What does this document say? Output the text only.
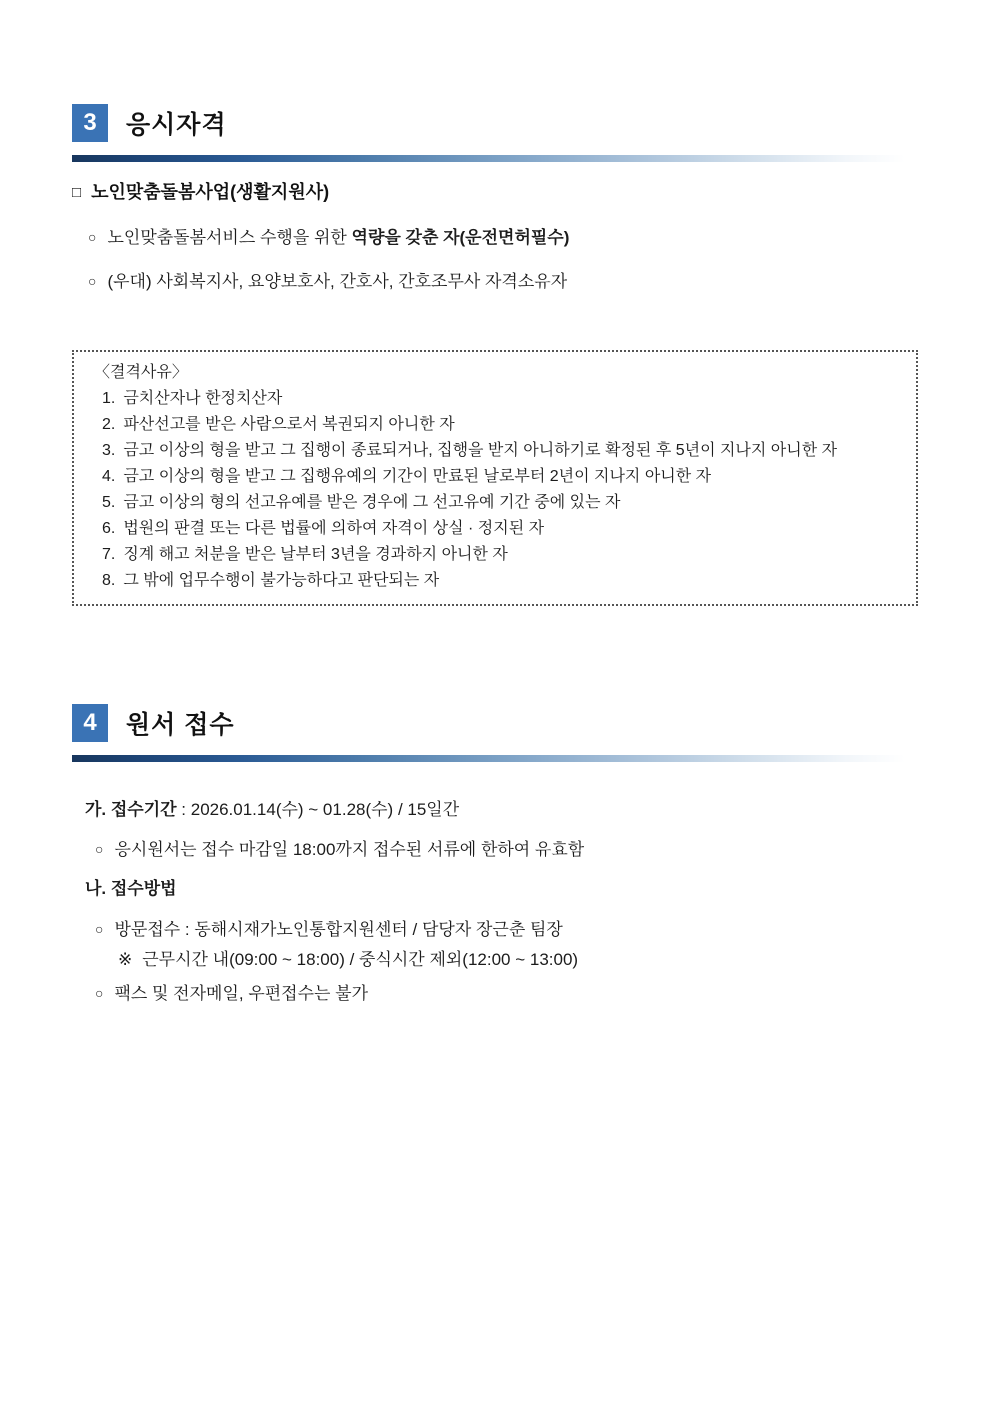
3	응시자격
□ 노인맞춤돌봄사업(생활지원사)
○ 노인맞춤돌봄서비스 수행을 위한 역량을 갖춘 자(운전면허필수)
○ (우대) 사회복지사, 요양보호사, 간호사, 간호조무사 자격소유자
〈결격사유〉
1. 금치산자나 한정치산자
2. 파산선고를 받은 사람으로서 복권되지 아니한 자
3. 금고 이상의 형을 받고 그 집행이 종료되거나, 집행을 받지 아니하기로 확정된 후 5년이 지나지 아니한 자
4. 금고 이상의 형을 받고 그 집행유예의 기간이 만료된 날로부터 2년이 지나지 아니한 자
5. 금고 이상의 형의 선고유예를 받은 경우에 그 선고유예 기간 중에 있는 자
6. 법원의 판결 또는 다른 법률에 의하여 자격이 상실 · 정지된 자
7. 징계 해고 처분을 받은 날부터 3년을 경과하지 아니한 자
8. 그 밖에 업무수행이 불가능하다고 판단되는 자
4	원서 접수
가. 접수기간 : 2026.01.14(수) ~ 01.28(수) / 15일간
○ 응시원서는 접수 마감일 18:00까지 접수된 서류에 한하여 유효함
나. 접수방법
○ 방문접수 : 동해시재가노인통합지원센터 / 담당자 장근춘 팀장
※ 근무시간 내(09:00 ~ 18:00) / 중식시간 제외(12:00 ~ 13:00)
○ 팩스 및 전자메일, 우편접수는 불가
